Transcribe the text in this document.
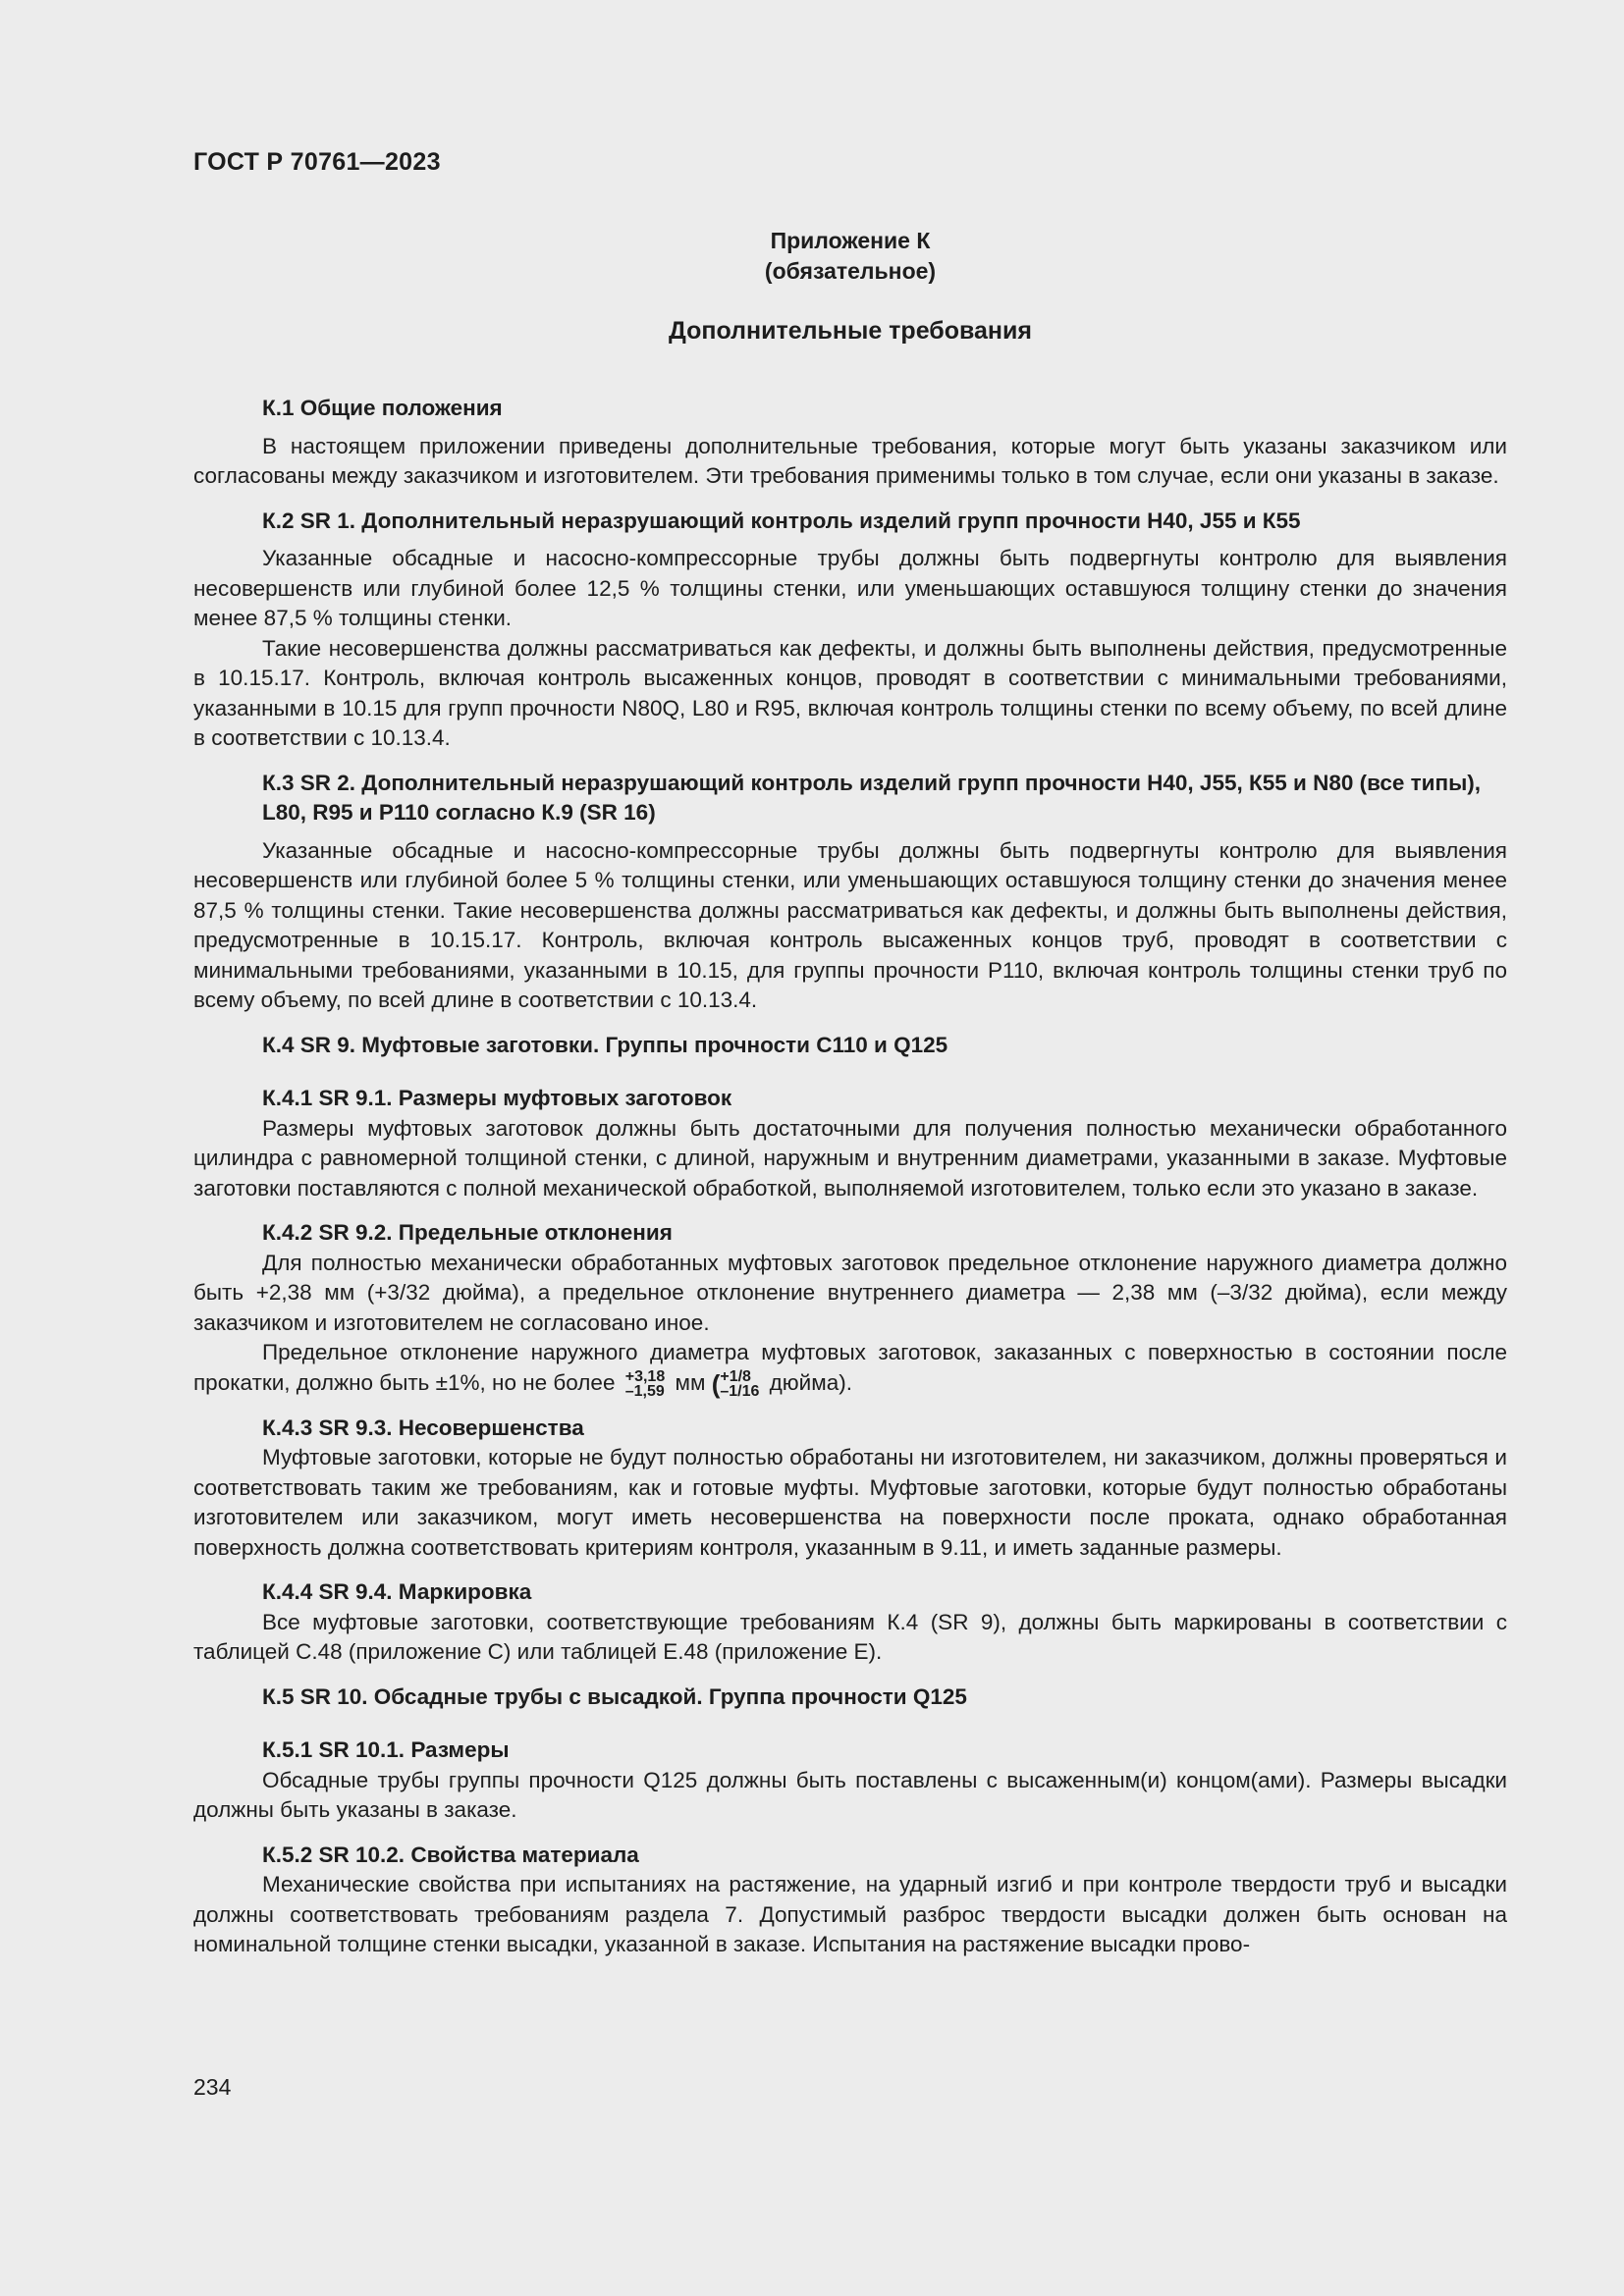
ГОСТ Р 70761—2023
Приложение К
(обязательное)
Дополнительные требования
К.1 Общие положения

В настоящем приложении приведены дополнительные требования, которые могут быть указаны заказчиком или согласованы между заказчиком и изготовителем. Эти требования применимы только в том случае, если они указаны в заказе.

К.2 SR 1. Дополнительный неразрушающий контроль изделий групп прочности Н40, J55 и К55

Указанные обсадные и насосно-компрессорные трубы должны быть подвергнуты контролю для выявления несовершенств или глубиной более 12,5 % толщины стенки, или уменьшающих оставшуюся толщину стенки до значения менее 87,5 % толщины стенки.

Такие несовершенства должны рассматриваться как дефекты, и должны быть выполнены действия, предусмотренные в 10.15.17. Контроль, включая контроль высаженных концов, проводят в соответствии с минимальными требованиями, указанными в 10.15 для групп прочности N80Q, L80 и R95, включая контроль толщины стенки по всему объему, по всей длине в соответствии с 10.13.4.

К.3 SR 2. Дополнительный неразрушающий контроль изделий групп прочности Н40, J55, К55 и N80 (все типы), L80, R95 и Р110 согласно К.9 (SR 16)

Указанные обсадные и насосно-компрессорные трубы должны быть подвергнуты контролю для выявления несовершенств или глубиной более 5 % толщины стенки, или уменьшающих оставшуюся толщину стенки до значения менее 87,5 % толщины стенки. Такие несовершенства должны рассматриваться как дефекты, и должны быть выполнены действия, предусмотренные в 10.15.17. Контроль, включая контроль высаженных концов труб, проводят в соответствии с минимальными требованиями, указанными в 10.15, для группы прочности Р110, включая контроль толщины стенки труб по всему объему, по всей длине в соответствии с 10.13.4.

К.4 SR 9. Муфтовые заготовки. Группы прочности С110 и Q125
К.4.1 SR 9.1. Размеры муфтовых заготовок

Размеры муфтовых заготовок должны быть достаточными для получения полностью механически обработанного цилиндра с равномерной толщиной стенки, с длиной, наружным и внутренним диаметрами, указанными в заказе. Муфтовые заготовки поставляются с полной механической обработкой, выполняемой изготовителем, только если это указано в заказе.

К.4.2 SR 9.2. Предельные отклонения

Для полностью механически обработанных муфтовых заготовок предельное отклонение наружного диаметра должно быть +2,38 мм (+3/32 дюйма), а предельное отклонение внутреннего диаметра — 2,38 мм (–3/32 дюйма), если между заказчиком и изготовителем не согласовано иное.

Предельное отклонение наружного диаметра муфтовых заготовок, заказанных с поверхностью в состоянии после прокатки, должно быть ±1%, но не более +3,18
–1,59 мм ( +1/8
–1/16 дюйма).

К.4.3 SR 9.3. Несовершенства

Муфтовые заготовки, которые не будут полностью обработаны ни изготовителем, ни заказчиком, должны проверяться и соответствовать таким же требованиям, как и готовые муфты. Муфтовые заготовки, которые будут полностью обработаны изготовителем или заказчиком, могут иметь несовершенства на поверхности после проката, однако обработанная поверхность должна соответствовать критериям контроля, указанным в 9.11, и иметь заданные размеры.

К.4.4 SR 9.4. Маркировка

Все муфтовые заготовки, соответствующие требованиям К.4 (SR 9), должны быть маркированы в соответствии с таблицей С.48 (приложение С) или таблицей Е.48 (приложение Е).

К.5 SR 10. Обсадные трубы с высадкой. Группа прочности Q125
К.5.1 SR 10.1. Размеры

Обсадные трубы группы прочности Q125 должны быть поставлены с высаженным(и) концом(ами). Размеры высадки должны быть указаны в заказе.

К.5.2 SR 10.2. Свойства материала

Механические свойства при испытаниях на растяжение, на ударный изгиб и при контроле твердости труб и высадки должны соответствовать требованиям раздела 7. Допустимый разброс твердости высадки должен быть основан на номинальной толщине стенки высадки, указанной в заказе. Испытания на растяжение высадки прово-

234
